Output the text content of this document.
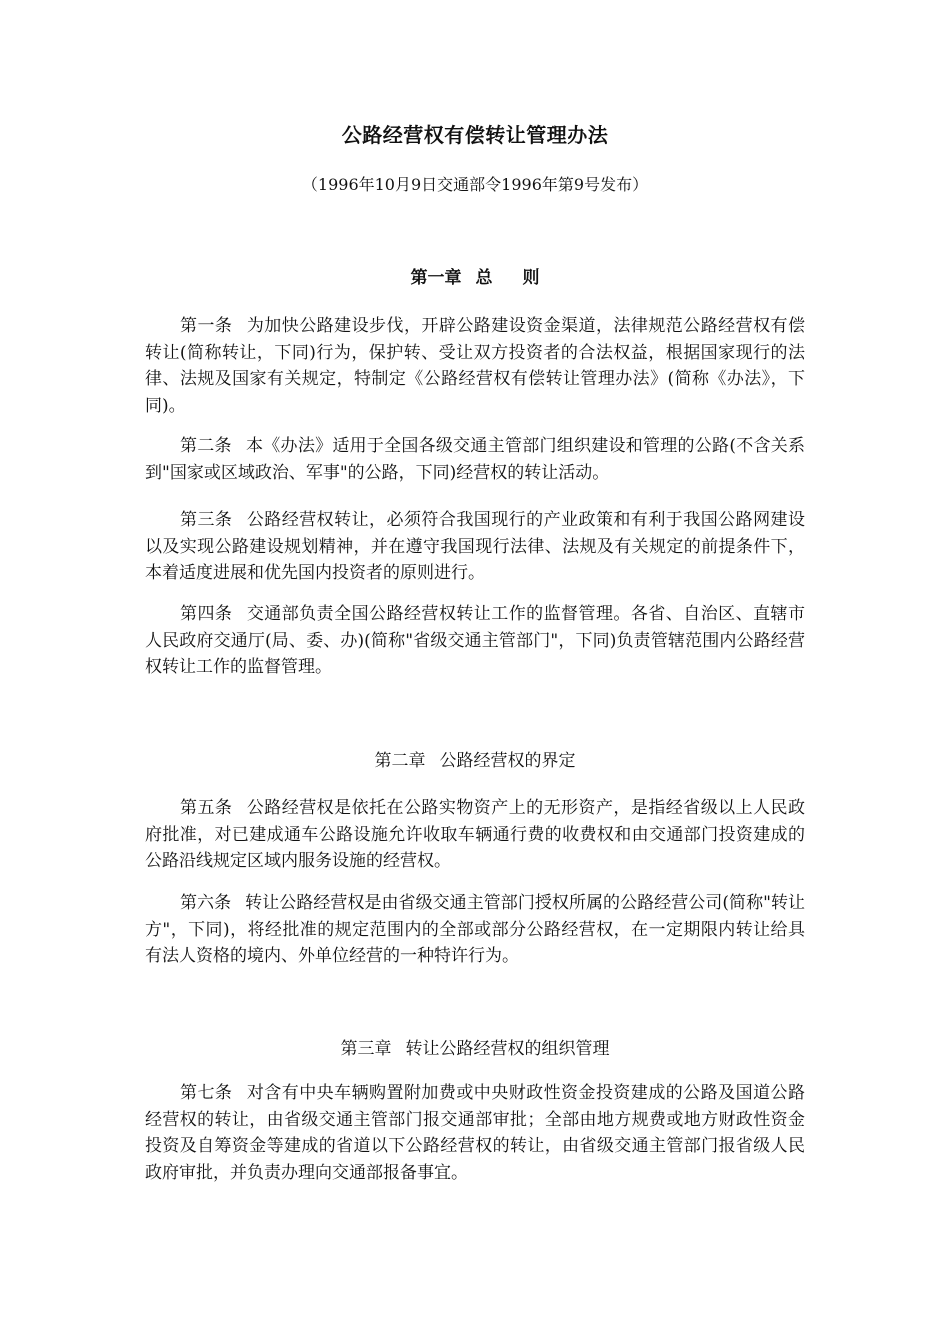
公路经营权有偿转让管理办法
（1996年10月9日交通部令1996年第9号发布）
第一章 总 则

第一条 为加快公路建设步伐，开辟公路建设资金渠道，法律规范公路经营权有偿转让(简称转让，下同)行为，保护转、受让双方投资者的合法权益，根据国家现行的法律、法规及国家有关规定，特制定《公路经营权有偿转让管理办法》(简称《办法》，下同)。

第二条 本《办法》适用于全国各级交通主管部门组织建设和管理的公路(不含关系到"国家或区域政治、军事"的公路，下同)经营权的转让活动。

第三条 公路经营权转让，必须符合我国现行的产业政策和有利于我国公路网建设以及实现公路建设规划精神，并在遵守我国现行法律、法规及有关规定的前提条件下，本着适度进展和优先国内投资者的原则进行。

第四条 交通部负责全国公路经营权转让工作的监督管理。各省、自治区、直辖市人民政府交通厅(局、委、办)(简称"省级交通主管部门"，下同)负责管辖范围内公路经营权转让工作的监督管理。

第二章 公路经营权的界定

第五条 公路经营权是依托在公路实物资产上的无形资产，是指经省级以上人民政府批准，对已建成通车公路设施允许收取车辆通行费的收费权和由交通部门投资建成的公路沿线规定区域内服务设施的经营权。

第六条 转让公路经营权是由省级交通主管部门授权所属的公路经营公司(简称"转让方"，下同)，将经批准的规定范围内的全部或部分公路经营权，在一定期限内转让给具有法人资格的境内、外单位经营的一种特许行为。

第三章 转让公路经营权的组织管理

第七条 对含有中央车辆购置附加费或中央财政性资金投资建成的公路及国道公路经营权的转让，由省级交通主管部门报交通部审批；全部由地方规费或地方财政性资金投资及自筹资金等建成的省道以下公路经营权的转让，由省级交通主管部门报省级人民政府审批，并负责办理向交通部报备事宜。
